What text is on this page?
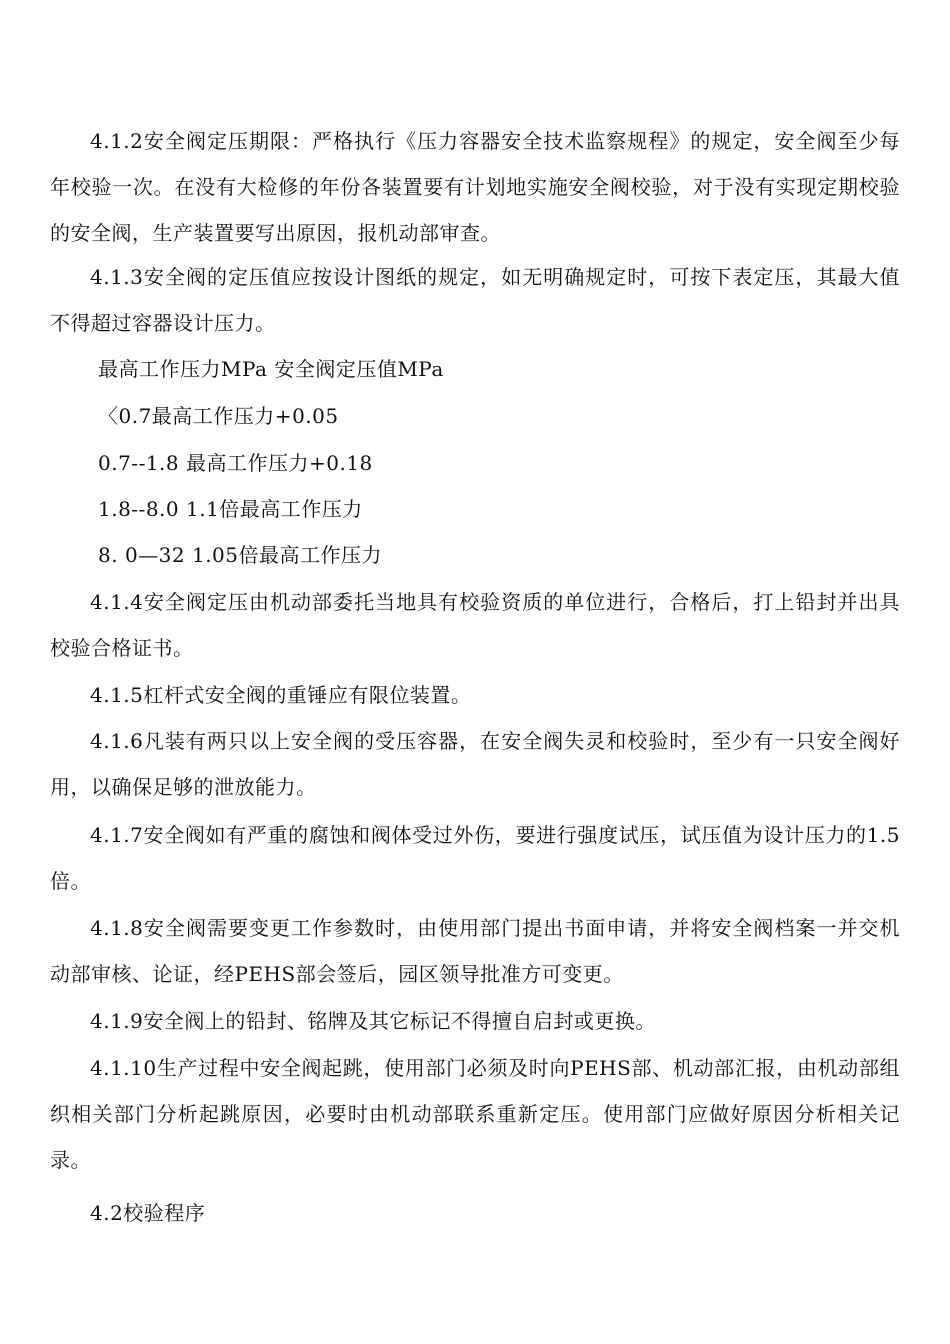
4.1.2安全阀定压期限：严格执行《压力容器安全技术监察规程》的规定，安全阀至少每年校验一次。在没有大检修的年份各装置要有计划地实施安全阀校验，对于没有实现定期校验的安全阀，生产装置要写出原因，报机动部审查。

4.1.3安全阀的定压值应按设计图纸的规定，如无明确规定时，可按下表定压，其最大值不得超过容器设计压力。

最高工作压力MPa 安全阀定压值MPa

〈0.7最高工作压力+0.05

0.7--1.8 最高工作压力+0.18

1.8--8.0 1.1倍最高工作压力

8. 0—32 1.05倍最高工作压力

4.1.4安全阀定压由机动部委托当地具有校验资质的单位进行，合格后，打上铅封并出具校验合格证书。

4.1.5杠杆式安全阀的重锤应有限位装置。

4.1.6凡装有两只以上安全阀的受压容器，在安全阀失灵和校验时，至少有一只安全阀好用，以确保足够的泄放能力。

4.1.7安全阀如有严重的腐蚀和阀体受过外伤，要进行强度试压，试压值为设计压力的1.5倍。

4.1.8安全阀需要变更工作参数时，由使用部门提出书面申请，并将安全阀档案一并交机动部审核、论证，经PEHS部会签后，园区领导批准方可变更。

4.1.9安全阀上的铅封、铭牌及其它标记不得擅自启封或更换。

4.1.10生产过程中安全阀起跳，使用部门必须及时向PEHS部、机动部汇报，由机动部组织相关部门分析起跳原因，必要时由机动部联系重新定压。使用部门应做好原因分析相关记录。

4.2校验程序
